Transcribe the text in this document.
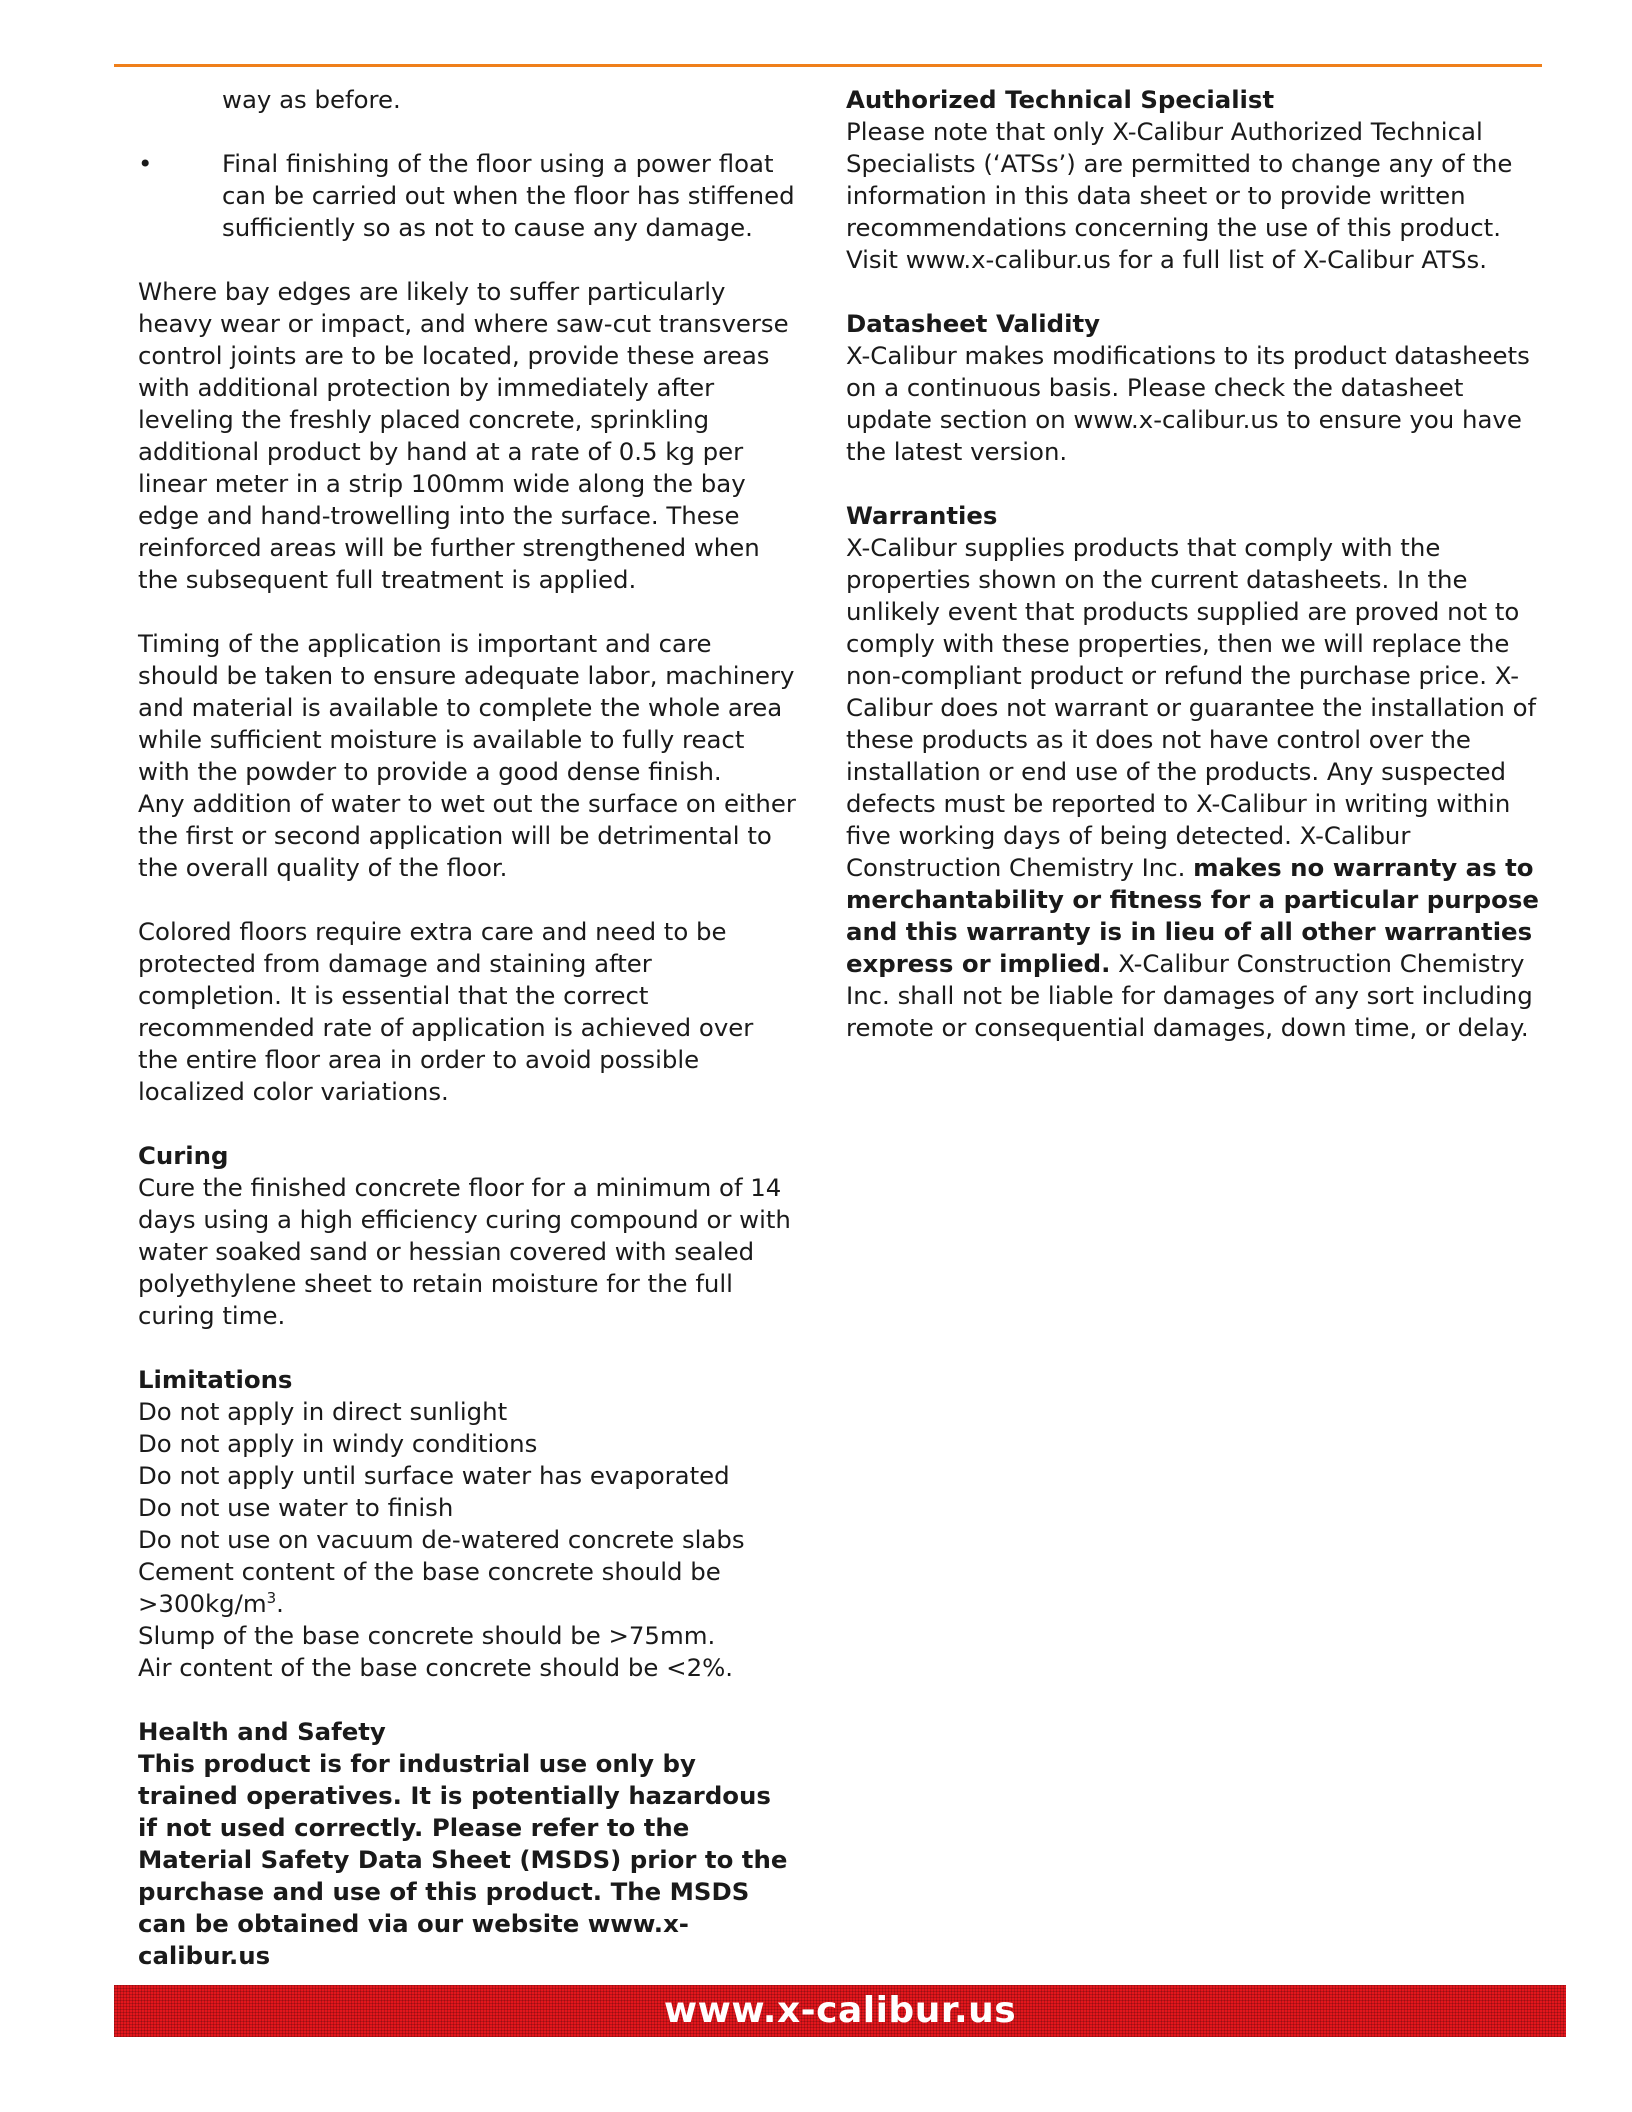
way as before.

•	Final finishing of the floor using a power float can be carried out when the floor has stiffened sufficiently so as not to cause any damage.

Where bay edges are likely to suffer particularly heavy wear or impact, and where saw-cut transverse control joints are to be located, provide these areas with additional protection by immediately after leveling the freshly placed concrete, sprinkling additional product by hand at a rate of 0.5 kg per linear meter in a strip 100mm wide along the bay edge and hand-trowelling into the surface. These reinforced areas will be further strengthened when the subsequent full treatment is applied.

Timing of the application is important and care should be taken to ensure adequate labor, machinery and material is available to complete the whole area while sufficient moisture is available to fully react with the powder to provide a good dense finish.

Any addition of water to wet out the surface on either the first or second application will be detrimental to the overall quality of the floor.

Colored floors require extra care and need to be protected from damage and staining after completion. It is essential that the correct recommended rate of application is achieved over the entire floor area in order to avoid possible localized color variations.

Curing

Cure the finished concrete floor for a minimum of 14 days using a high efficiency curing compound or with water soaked sand or hessian covered with sealed polyethylene sheet to retain moisture for the full curing time.

Limitations

Do not apply in direct sunlight

Do not apply in windy conditions

Do not apply until surface water has evaporated

Do not use water to finish

Do not use on vacuum de-watered concrete slabs

Cement content of the base concrete should be

$>300kg/m^3$.

Slump of the base concrete should be >75mm.

Air content of the base concrete should be <2%.

Health and Safety

This product is for industrial use only by trained operatives. It is potentially hazardous if not used correctly. Please refer to the Material Safety Data Sheet (MSDS) prior to the purchase and use of this product. The MSDS can be obtained via our website www.x-calibur.us

Authorized Technical Specialist

Please note that only X-Calibur Authorized Technical Specialists (‘ATSs’) are permitted to change any of the information in this data sheet or to provide written recommendations concerning the use of this product. Visit www.x-calibur.us for a full list of X-Calibur ATSs.

Datasheet Validity

X-Calibur makes modifications to its product datasheets on a continuous basis. Please check the datasheet update section on www.x-calibur.us to ensure you have the latest version.

Warranties

X-Calibur supplies products that comply with the properties shown on the current datasheets. In the unlikely event that products supplied are proved not to comply with these properties, then we will replace the non-compliant product or refund the purchase price. X-Calibur does not warrant or guarantee the installation of these products as it does not have control over the installation or end use of the products. Any suspected defects must be reported to X-Calibur in writing within five working days of being detected. X-Calibur Construction Chemistry Inc. makes no warranty as to merchantability or fitness for a particular purpose and this warranty is in lieu of all other warranties express or implied. X-Calibur Construction Chemistry Inc. shall not be liable for damages of any sort including remote or consequential damages, down time, or delay.

www.x-calibur.us
